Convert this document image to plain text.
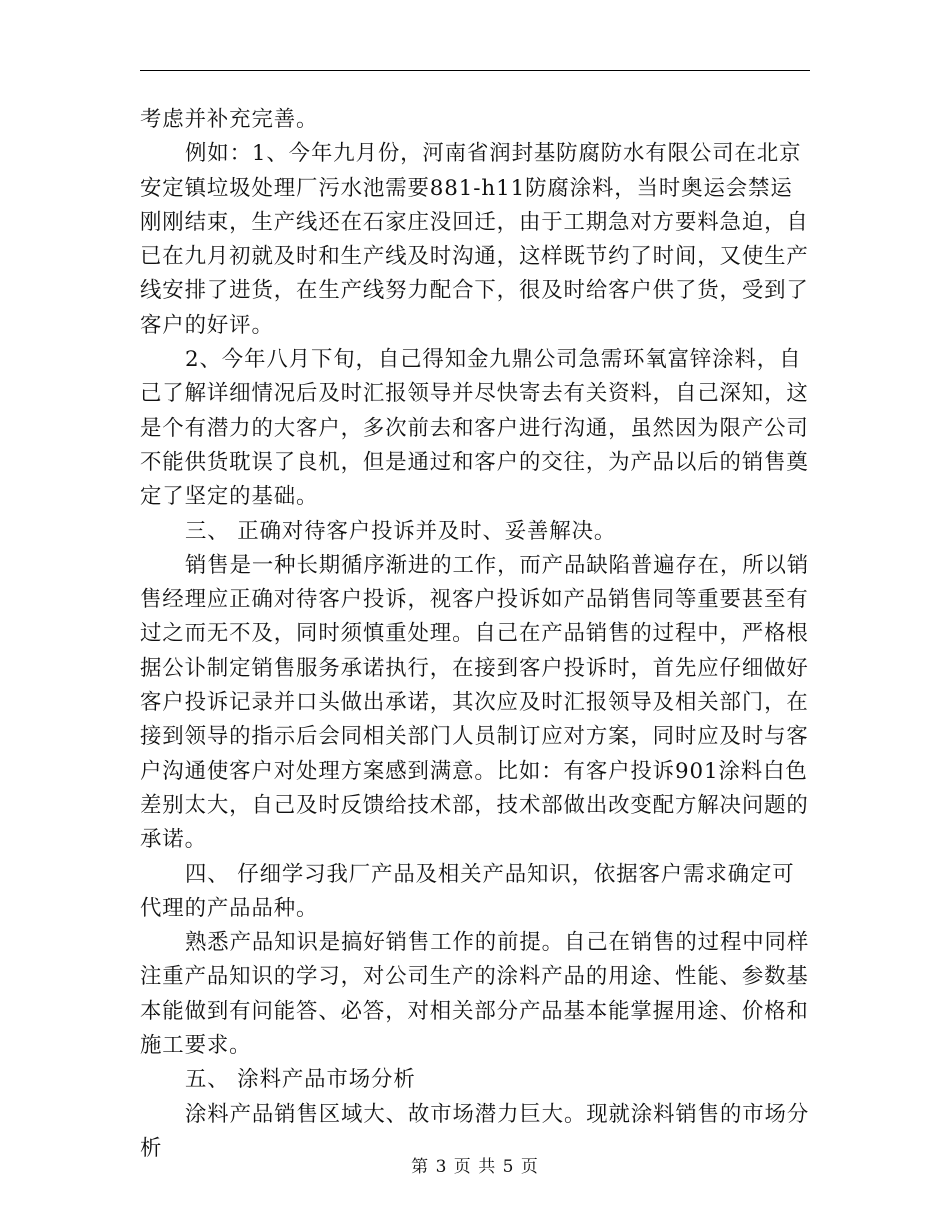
考虑并补充完善。

例如：1、今年九月份，河南省润封基防腐防水有限公司在北京安定镇垃圾处理厂污水池需要881-h11防腐涂料，当时奥运会禁运刚刚结束，生产线还在石家庄没回迁，由于工期急对方要料急迫，自已在九月初就及时和生产线及时沟通，这样既节约了时间，又使生产线安排了进货，在生产线努力配合下，很及时给客户供了货，受到了客户的好评。

2、今年八月下旬，自己得知金九鼎公司急需环氧富锌涂料，自己了解详细情况后及时汇报领导并尽快寄去有关资料，自己深知，这是个有潜力的大客户，多次前去和客户进行沟通，虽然因为限产公司不能供货耽误了良机，但是通过和客户的交往，为产品以后的销售奠定了坚定的基础。

三、 正确对待客户投诉并及时、妥善解决。

销售是一种长期循序渐进的工作，而产品缺陷普遍存在，所以销售经理应正确对待客户投诉，视客户投诉如产品销售同等重要甚至有过之而无不及，同时须慎重处理。自己在产品销售的过程中，严格根据公讣制定销售服务承诺执行，在接到客户投诉时，首先应仔细做好客户投诉记录并口头做出承诺，其次应及时汇报领导及相关部门，在接到领导的指示后会同相关部门人员制订应对方案，同时应及时与客户沟通使客户对处理方案感到满意。比如：有客户投诉901涂料白色差别太大，自己及时反馈给技术部，技术部做出改变配方解决问题的承诺。

四、 仔细学习我厂产品及相关产品知识，依据客户需求确定可代理的产品品种。

熟悉产品知识是搞好销售工作的前提。自己在销售的过程中同样注重产品知识的学习，对公司生产的涂料产品的用途、性能、参数基本能做到有问能答、必答，对相关部分产品基本能掌握用途、价格和施工要求。

五、 涂料产品市场分析

涂料产品销售区域大、故市场潜力巨大。现就涂料销售的市场分析

第 3 页 共 5 页
